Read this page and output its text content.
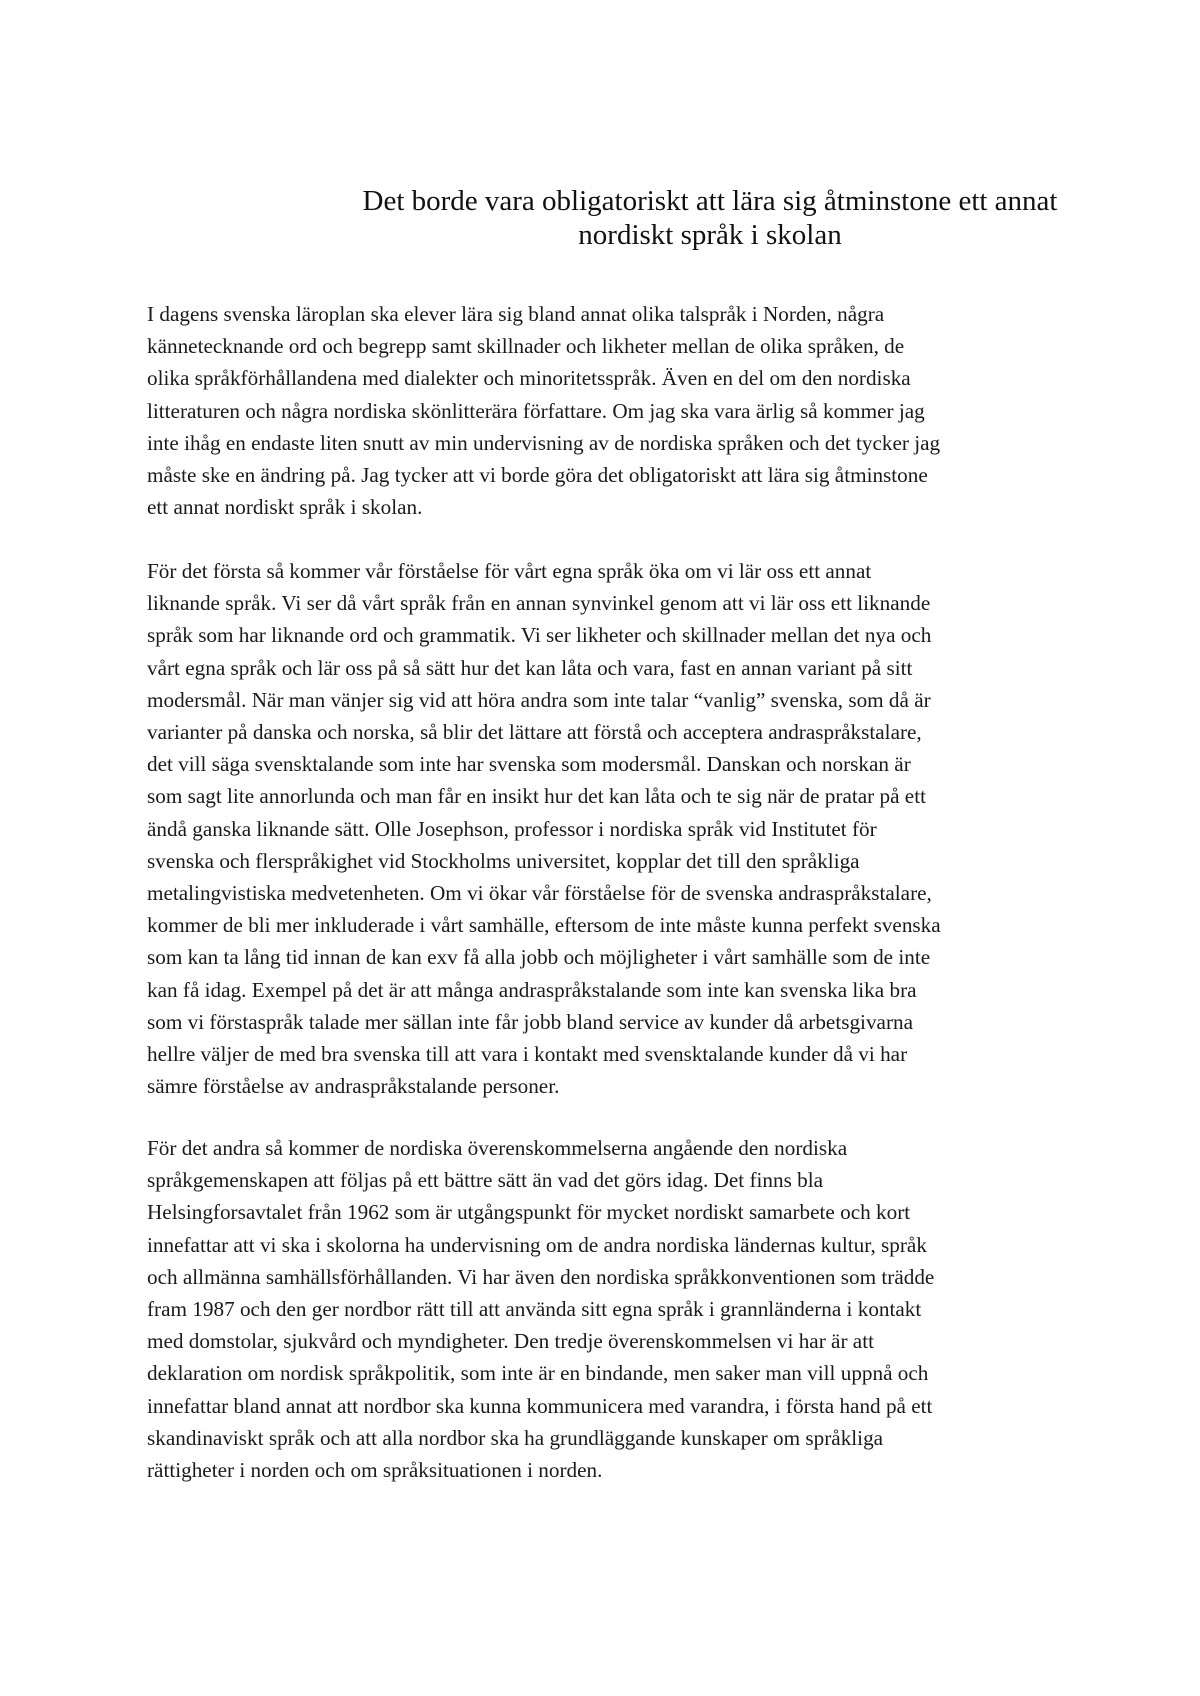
Det borde vara obligatoriskt att lära sig åtminstone ett annat
nordiskt språk i skolan

I dagens svenska läroplan ska elever lära sig bland annat olika talspråk i Norden, några
kännetecknande ord och begrepp samt skillnader och likheter mellan de olika språken, de
olika språkförhållandena med dialekter och minoritetsspråk. Även en del om den nordiska
litteraturen och några nordiska skönlitterära författare. Om jag ska vara ärlig så kommer jag
inte ihåg en endaste liten snutt av min undervisning av de nordiska språken och det tycker jag
måste ske en ändring på. Jag tycker att vi borde göra det obligatoriskt att lära sig åtminstone
ett annat nordiskt språk i skolan.

För det första så kommer vår förståelse för vårt egna språk öka om vi lär oss ett annat
liknande språk. Vi ser då vårt språk från en annan synvinkel genom att vi lär oss ett liknande
språk som har liknande ord och grammatik. Vi ser likheter och skillnader mellan det nya och
vårt egna språk och lär oss på så sätt hur det kan låta och vara, fast en annan variant på sitt
modersmål. När man vänjer sig vid att höra andra som inte talar “vanlig” svenska, som då är
varianter på danska och norska, så blir det lättare att förstå och acceptera andraspråkstalare,
det vill säga svensktalande som inte har svenska som modersmål. Danskan och norskan är
som sagt lite annorlunda och man får en insikt hur det kan låta och te sig när de pratar på ett
ändå ganska liknande sätt. Olle Josephson, professor i nordiska språk vid Institutet för
svenska och flerspråkighet vid Stockholms universitet, kopplar det till den språkliga
metalingvistiska medvetenheten. Om vi ökar vår förståelse för de svenska andraspråkstalare,
kommer de bli mer inkluderade i vårt samhälle, eftersom de inte måste kunna perfekt svenska
som kan ta lång tid innan de kan exv få alla jobb och möjligheter i vårt samhälle som de inte
kan få idag. Exempel på det är att många andraspråkstalande som inte kan svenska lika bra
som vi förstaspråk talade mer sällan inte får jobb bland service av kunder då arbetsgivarna
hellre väljer de med bra svenska till att vara i kontakt med svensktalande kunder då vi har
sämre förståelse av andraspråkstalande personer.

För det andra så kommer de nordiska överenskommelserna angående den nordiska
språkgemenskapen att följas på ett bättre sätt än vad det görs idag. Det finns bla
Helsingforsavtalet från 1962 som är utgångspunkt för mycket nordiskt samarbete och kort
innefattar att vi ska i skolorna ha undervisning om de andra nordiska ländernas kultur, språk
och allmänna samhällsförhållanden. Vi har även den nordiska språkkonventionen som trädde
fram 1987 och den ger nordbor rätt till att använda sitt egna språk i grannländerna i kontakt
med domstolar, sjukvård och myndigheter. Den tredje överenskommelsen vi har är att
deklaration om nordisk språkpolitik, som inte är en bindande, men saker man vill uppnå och
innefattar bland annat att nordbor ska kunna kommunicera med varandra, i första hand på ett
skandinaviskt språk och att alla nordbor ska ha grundläggande kunskaper om språkliga
rättigheter i norden och om språksituationen i norden.
